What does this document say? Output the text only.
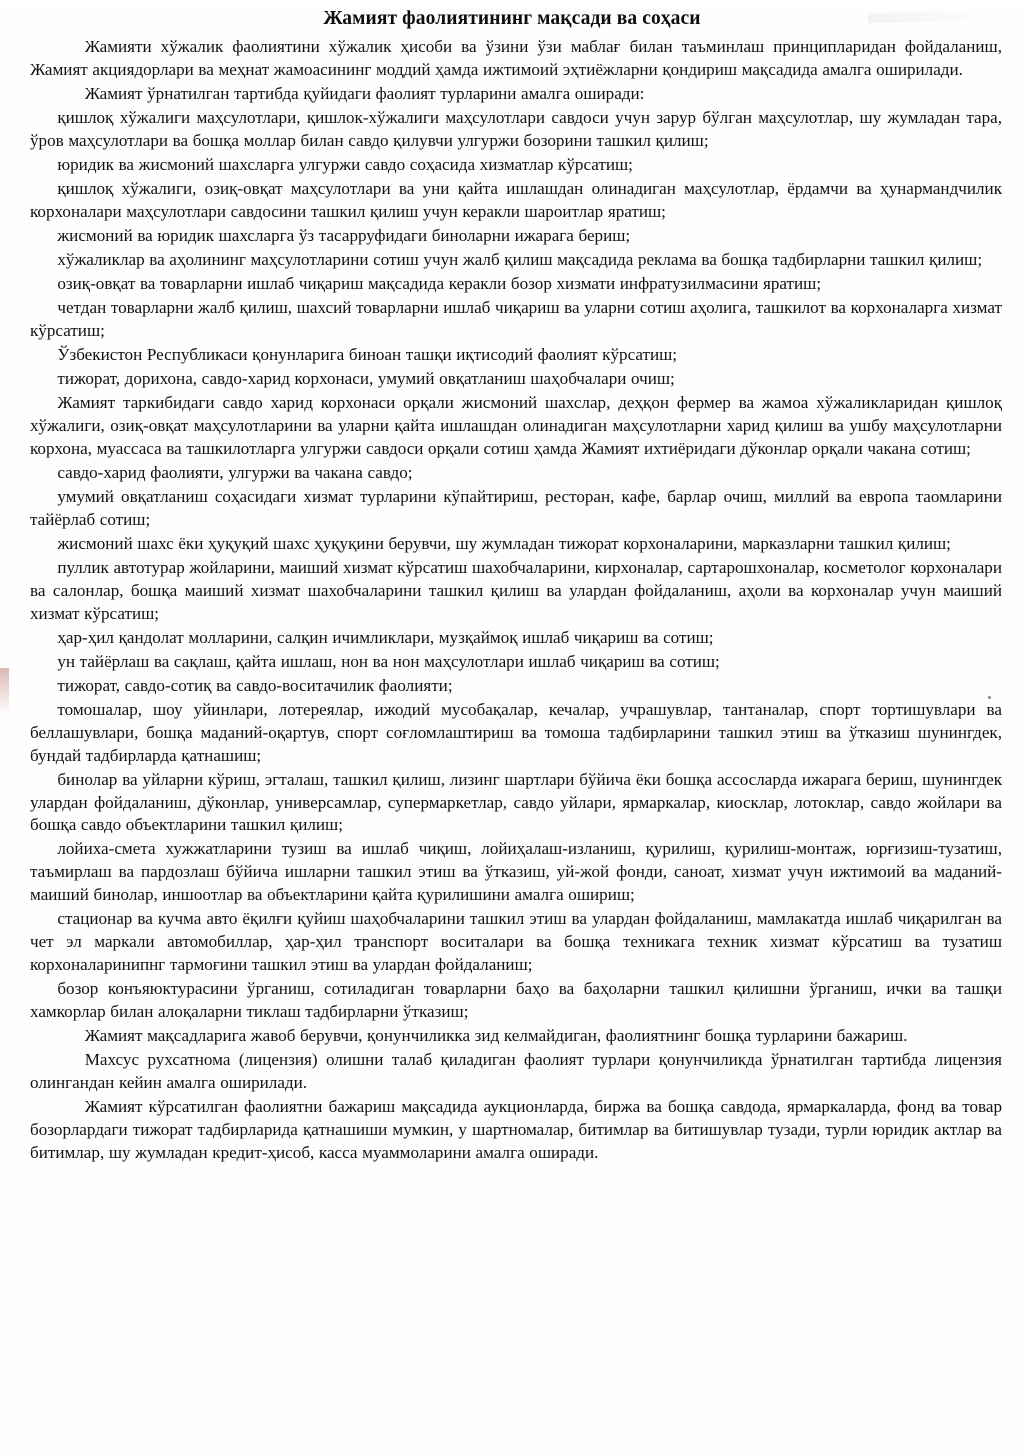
Жамият фаолиятининг мақсади ва соҳаси

Жамияти хўжалик фаолиятини хўжалик ҳисоби ва ўзини ўзи маблағ билан таъминлаш принципларидан фойдаланиш, Жамият акциядорлари ва меҳнат жамоасининг моддий ҳамда ижтимоий эҳтиёжларни қондириш мақсадида амалга оширилади.

Жамият ўрнатилган тартибда қуйидаги фаолият турларини амалга оширади:

қишлоқ хўжалиги маҳсулотлари, қишлок-хўжалиги маҳсулотлари савдоси учун зарур бўлган маҳсулотлар, шу жумладан тара, ўров маҳсулотлари ва бошқа моллар билан савдо қилувчи улгуржи бозорини ташкил қилиш;

юридик ва жисмоний шахсларга улгуржи савдо соҳасида хизматлар кўрсатиш;

қишлоқ хўжалиги, озиқ-овқат маҳсулотлари ва уни қайта ишлашдан олинадиган маҳсулотлар, ёрдамчи ва ҳунармандчилик корхоналари маҳсулотлари савдосини ташкил қилиш учун керакли шароитлар яратиш;

жисмоний ва юридик шахсларга ўз тасарруфидаги биноларни ижарага бериш;

хўжаликлар ва аҳолининг маҳсулотларини сотиш учун жалб қилиш мақсадида реклама ва бошқа тадбирларни ташкил қилиш;

озиқ-овқат ва товарларни ишлаб чиқариш мақсадида керакли бозор хизмати инфратузилмасини яратиш;

четдан товарларни жалб қилиш, шахсий товарларни ишлаб чиқариш ва уларни сотиш аҳолига, ташкилот ва корхоналарга хизмат кўрсатиш;

Ўзбекистон Республикаси қонунларига биноан ташқи иқтисодий фаолият кўрсатиш;

тижорат, дорихона, савдо-харид корхонаси, умумий овқатланиш шаҳобчалари очиш;

Жамият таркибидаги савдо харид корхонаси орқали жисмоний шахслар, деҳқон фермер ва жамоа хўжаликларидан қишлоқ хўжалиги, озиқ-овқат маҳсулотларини ва уларни қайта ишлашдан олинадиган маҳсулотларни харид қилиш ва ушбу маҳсулотларни корхона, муассаса ва ташкилотларга улгуржи савдоси орқали сотиш ҳамда Жамият ихтиёридаги дўконлар орқали чакана сотиш;

савдо-харид фаолияти, улгуржи ва чакана савдо;

умумий овқатланиш соҳасидаги хизмат турларини кўпайтириш, ресторан, кафе, барлар очиш, миллий ва европа таомларини тайёрлаб сотиш;

жисмоний шахс ёки ҳуқуқий шахс ҳуқуқини берувчи, шу жумладан тижорат корхоналарини, марказларни ташкил қилиш;

пуллик автотурар жойларини, маиший хизмат кўрсатиш шахобчаларини, кирхоналар, сартарошхоналар, косметолог корхоналари ва салонлар, бошқа маиший хизмат шахобчаларини ташкил қилиш ва улардан фойдаланиш, аҳоли ва корхоналар учун маиший хизмат кўрсатиш;

ҳар-ҳил қандолат молларини, салқин ичимликлари, музқаймоқ ишлаб чиқариш ва сотиш;

ун тайёрлаш ва сақлаш, қайта ишлаш, нон ва нон маҳсулотлари ишлаб чиқариш ва сотиш;

тижорат, савдо-сотиқ ва савдо-воситачилик фаолияти;

томошалар, шоу уйинлари, лотереялар, ижодий мусобақалар, кечалар, учрашувлар, тантаналар, спорт тортишувлари ва беллашувлари, бошқа маданий-оқартув, спорт соғломлаштириш ва томоша тадбирларини ташкил этиш ва ўтказиш шунингдек, бундай тадбирларда қатнашиш;

бинолар ва уйларни кўриш, эгталаш, ташкил қилиш, лизинг шартлари бўйича ёки бошқа ассосларда ижарага бериш, шунингдек улардан фойдаланиш, дўконлар, универсамлар, супермаркетлар, савдо уйлари, ярмаркалар, киосклар, лотоклар, савдо жойлари ва бошқа савдо объектларини ташкил қилиш;

лойиха-смета хужжатларини тузиш ва ишлаб чиқиш, лойиҳалаш-изланиш, қурилиш, қурилиш-монтаж, юрғизиш-тузатиш, таъмирлаш ва пардозлаш бўйича ишларни ташкил этиш ва ўтказиш, уй-жой фонди, саноат, хизмат учун ижтимоий ва маданий-маиший бинолар, иншоотлар ва объектларини қайта қурилишини амалга ошириш;

стационар ва кучма авто ёқилғи қуйиш шаҳобчаларини ташкил этиш ва улардан фойдаланиш, мамлакатда ишлаб чиқарилган ва чет эл маркали автомобиллар, ҳар-ҳил транспорт воситалари ва бошқа техникага техник хизмат кўрсатиш ва тузатиш корхоналаринипнг тармоғини ташкил этиш ва улардан фойдаланиш;

бозор конъяюктурасини ўрганиш, сотиладиган товарларни баҳо ва баҳоларни ташкил қилишни ўрганиш, ички ва ташқи хамкорлар билан алоқаларни тиклаш тадбирларни ўтказиш;

Жамият мақсадларига жавоб берувчи, қонунчиликка зид келмайдиган, фаолиятнинг бошқа турларини бажариш.

Махсус рухсатнома (лицензия) олишни талаб қиладиган фаолият турлари қонунчиликда ўрнатилган тартибда лицензия олингандан кейин амалга оширилади.

Жамият кўрсатилган фаолиятни бажариш мақсадида аукционларда, биржа ва бошқа савдода, ярмаркаларда, фонд ва товар бозорлардаги тижорат тадбирларида қатнашиши мумкин, у шартномалар, битимлар ва битишувлар тузади, турли юридик актлар ва битимлар, шу жумладан кредит-ҳисоб, касса муаммоларини амалга оширади.
